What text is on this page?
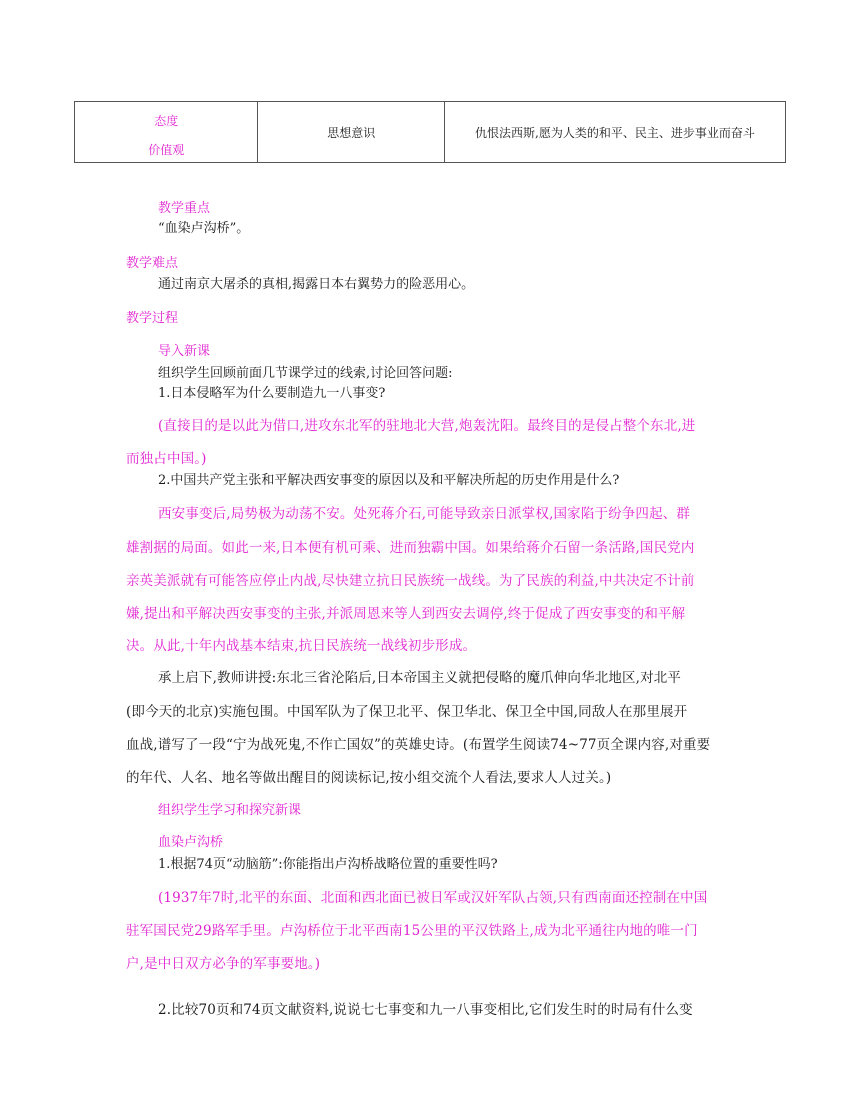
态度
价值观
	思想意识	仇恨法西斯,愿为人类的和平、民主、进步事业而奋斗
教学重点
“血染卢沟桥”。
教学难点
通过南京大屠杀的真相,揭露日本右翼势力的险恶用心。
教学过程
导入新课
组织学生回顾前面几节课学过的线索,讨论回答问题:
1.日本侵略军为什么要制造九一八事变?
(直接目的是以此为借口,进攻东北军的驻地北大营,炮轰沈阳。最终目的是侵占整个东北,进
而独占中国。)
2.中国共产党主张和平解决西安事变的原因以及和平解决所起的历史作用是什么?
西安事变后,局势极为动荡不安。处死蒋介石,可能导致亲日派掌权,国家陷于纷争四起、群
雄割据的局面。如此一来,日本便有机可乘、进而独霸中国。如果给蒋介石留一条活路,国民党内
亲英美派就有可能答应停止内战,尽快建立抗日民族统一战线。为了民族的利益,中共决定不计前
嫌,提出和平解决西安事变的主张,并派周恩来等人到西安去调停,终于促成了西安事变的和平解
决。从此,十年内战基本结束,抗日民族统一战线初步形成。
承上启下,教师讲授:东北三省沦陷后,日本帝国主义就把侵略的魔爪伸向华北地区,对北平
(即今天的北京)实施包围。中国军队为了保卫北平、保卫华北、保卫全中国,同敌人在那里展开
血战,谱写了一段“宁为战死鬼,不作亡国奴”的英雄史诗。(布置学生阅读74~77页全课内容,对重要
的年代、人名、地名等做出醒目的阅读标记,按小组交流个人看法,要求人人过关。)
组织学生学习和探究新课
血染卢沟桥
1.根据74页“动脑筋”:你能指出卢沟桥战略位置的重要性吗?
(1937年7时,北平的东面、北面和西北面已被日军或汉奸军队占领,只有西南面还控制在中国
驻军国民党29路军手里。卢沟桥位于北平西南15公里的平汉铁路上,成为北平通往内地的唯一门
户,是中日双方必争的军事要地。)
2.比较70页和74页文献资料,说说七七事变和九一八事变相比,它们发生时的时局有什么变
